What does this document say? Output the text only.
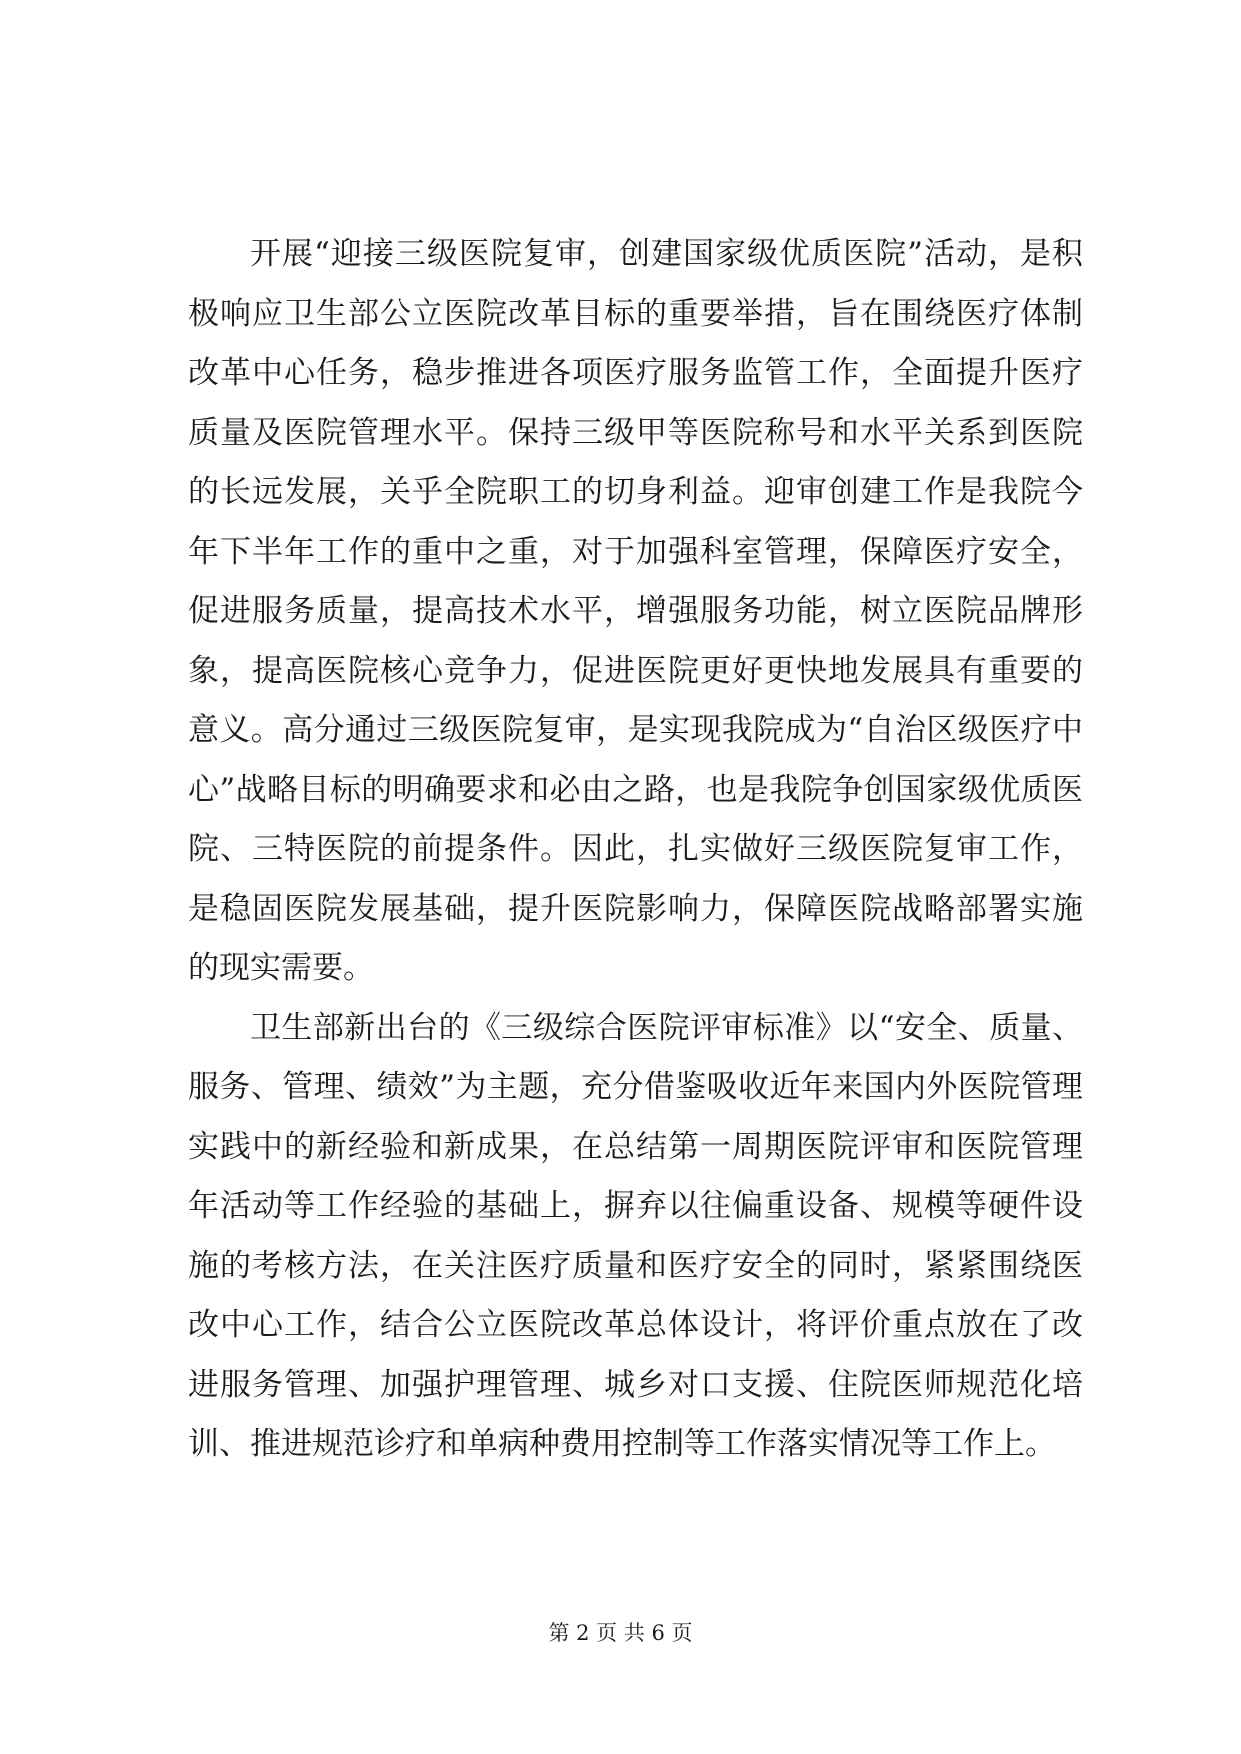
开展“迎接三级医院复审，创建国家级优质医院”活动，是积极响应卫生部公立医院改革目标的重要举措，旨在围绕医疗体制改革中心任务，稳步推进各项医疗服务监管工作，全面提升医疗质量及医院管理水平。保持三级甲等医院称号和水平关系到医院的长远发展，关乎全院职工的切身利益。迎审创建工作是我院今年下半年工作的重中之重，对于加强科室管理，保障医疗安全，促进服务质量，提高技术水平，增强服务功能，树立医院品牌形象，提高医院核心竞争力，促进医院更好更快地发展具有重要的意义。高分通过三级医院复审，是实现我院成为“自治区级医疗中心”战略目标的明确要求和必由之路，也是我院争创国家级优质医院、三特医院的前提条件。因此，扎实做好三级医院复审工作，是稳固医院发展基础，提升医院影响力，保障医院战略部署实施的现实需要。

卫生部新出台的《三级综合医院评审标准》以“安全、质量、服务、管理、绩效”为主题，充分借鉴吸收近年来国内外医院管理实践中的新经验和新成果，在总结第一周期医院评审和医院管理年活动等工作经验的基础上，摒弃以往偏重设备、规模等硬件设施的考核方法，在关注医疗质量和医疗安全的同时，紧紧围绕医改中心工作，结合公立医院改革总体设计，将评价重点放在了改进服务管理、加强护理管理、城乡对口支援、住院医师规范化培训、推进规范诊疗和单病种费用控制等工作落实情况等工作上。

第 2 页 共 6 页
